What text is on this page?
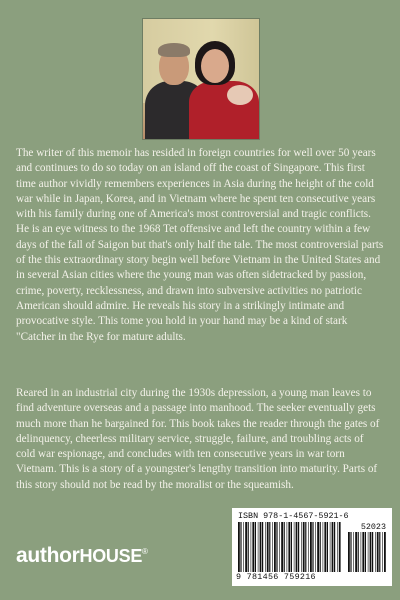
The writer of this memoir has resided in foreign countries for well over 50 years and continues to do so today on an island off the coast of Singapore. This first time author vividly remembers experiences in Asia during the height of the cold war while in Japan, Korea, and in Vietnam where he spent ten consecutive years with his family during one of America's most controversial and tragic conflicts. He is an eye witness to the 1968 Tet offensive and left the country within a few days of the fall of Saigon but that's only half the tale. The most controversial parts of the this extraordinary story begin well before Vietnam in the United States and in several Asian cities where the young man was often sidetracked by passion, crime, poverty, recklessness, and drawn into subversive activities no patriotic American should admire. He reveals his story in a strikingly intimate and provocative style. This tome you hold in your hand may be a kind of stark "Catcher in the Rye for mature adults.

Reared in an industrial city during the 1930s depression, a young man leaves to find adventure overseas and a passage into manhood. The seeker eventually gets much more than he bargained for. This book takes the reader through the gates of delinquency, cheerless military service, struggle, failure, and troubling acts of cold war espionage, and concludes with ten consecutive years in war torn Vietnam. This is a story of a youngster's lengthy transition into maturity. Parts of this story should not be read by the moralist or the squeamish.

authorHOUSE®
ISBN 978-1-4567-5921-6
52023
9 781456 759216
